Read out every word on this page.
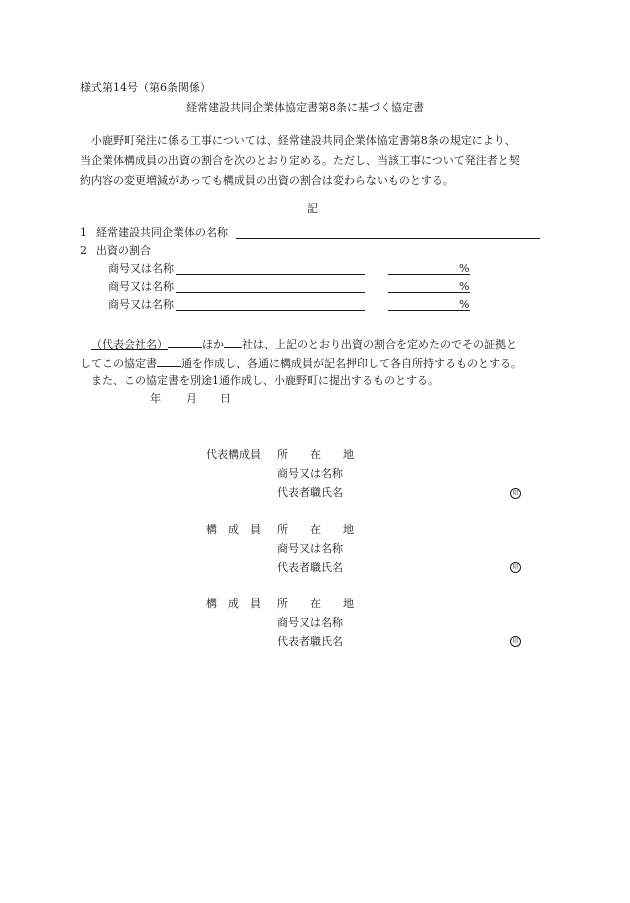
様式第14号（第6条関係）
経常建設共同企業体協定書第8条に基づく協定書
小鹿野町発注に係る工事については、経常建設共同企業体協定書第8条の規定により、
当企業体構成員の出資の割合を次のとおり定める。ただし、当該工事について発注者と契
約内容の変更増減があっても構成員の出資の割合は変わらないものとする。
記
1 経常建設共同企業体の名称
2 出資の割合
商号又は名称	%
商号又は名称	%
商号又は名称	%
（代表会社名）	ほか 社は、上記のとおり出資の割合を定めたのでその証拠と
してこの協定書 通を作成し、各通に構成員が記名押印して各自所持するものとする。
また、この協定書を別途1通作成し、小鹿野町に提出するものとする。
年 月 日
代表構成員 所　　在　　地
商号又は名称
代表者職氏名	印
構　成　員 所　　在　　地
商号又は名称
代表者職氏名	印
構　成　員 所　　在　　地
商号又は名称
代表者職氏名	印
